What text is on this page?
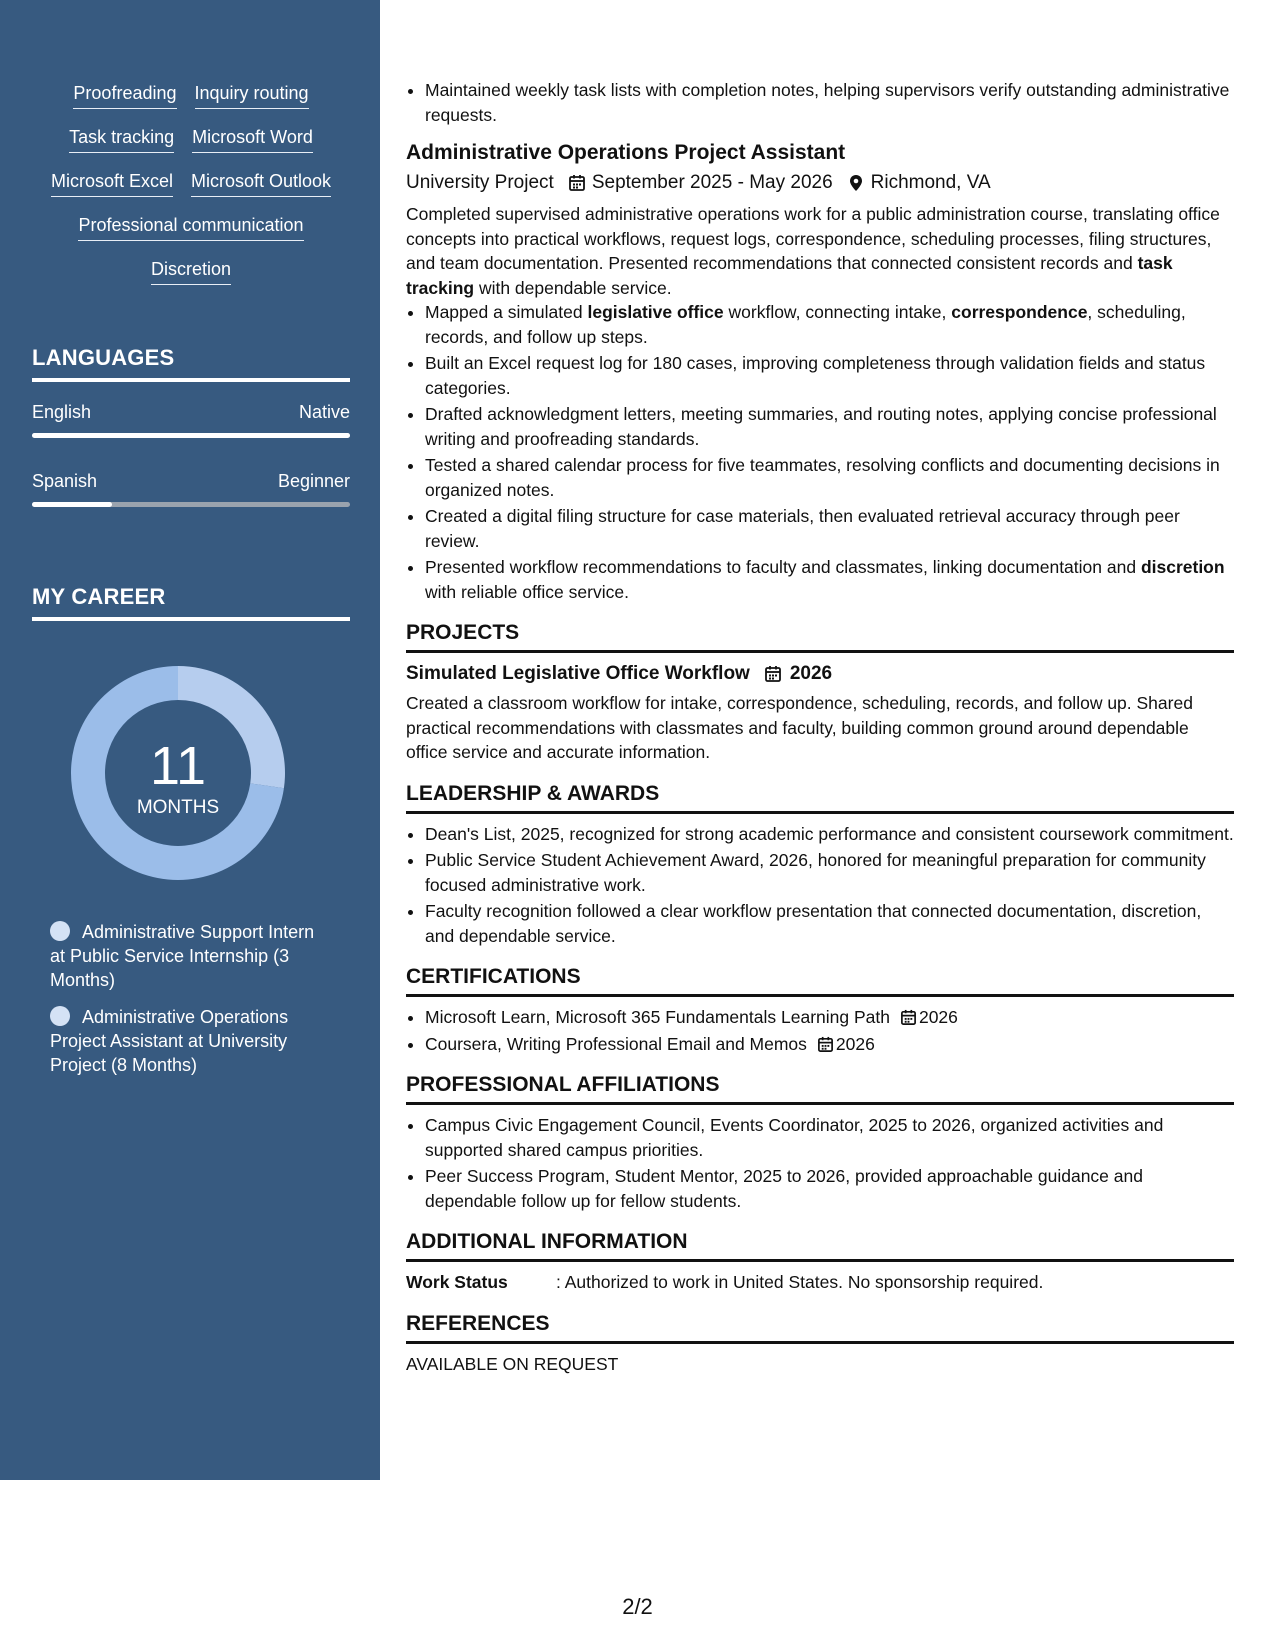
Proofreading Inquiry routing
Task tracking Microsoft Word
Microsoft Excel Microsoft Outlook
Professional communication
Discretion
LANGUAGES
English	Native
Spanish	Beginner
MY CAREER
11
MONTHS
Administrative Support Intern at Public Service Internship (3 Months)
Administrative Operations Project Assistant at University Project (8 Months)
• Maintained weekly task lists with completion notes, helping supervisors verify outstanding administrative requests.
Administrative Operations Project Assistant
University Project September 2025 - May 2026 Richmond, VA
Completed supervised administrative operations work for a public administration course, translating office concepts into practical workflows, request logs, correspondence, scheduling processes, filing structures, and team documentation. Presented recommendations that connected consistent records and task tracking with dependable service.
• Mapped a simulated legislative office workflow, connecting intake, correspondence, scheduling, records, and follow up steps.
• Built an Excel request log for 180 cases, improving completeness through validation fields and status categories.
• Drafted acknowledgment letters, meeting summaries, and routing notes, applying concise professional writing and proofreading standards.
• Tested a shared calendar process for five teammates, resolving conflicts and documenting decisions in organized notes.
• Created a digital filing structure for case materials, then evaluated retrieval accuracy through peer review.
• Presented workflow recommendations to faculty and classmates, linking documentation and discretion with reliable office service.
PROJECTS
Simulated Legislative Office Workflow 2026
Created a classroom workflow for intake, correspondence, scheduling, records, and follow up. Shared practical recommendations with classmates and faculty, building common ground around dependable office service and accurate information.
LEADERSHIP & AWARDS
• Dean's List, 2025, recognized for strong academic performance and consistent coursework commitment.
• Public Service Student Achievement Award, 2026, honored for meaningful preparation for community focused administrative work.
• Faculty recognition followed a clear workflow presentation that connected documentation, discretion, and dependable service.
CERTIFICATIONS
• Microsoft Learn, Microsoft 365 Fundamentals Learning Path 2026
• Coursera, Writing Professional Email and Memos 2026
PROFESSIONAL AFFILIATIONS
• Campus Civic Engagement Council, Events Coordinator, 2025 to 2026, organized activities and supported shared campus priorities.
• Peer Success Program, Student Mentor, 2025 to 2026, provided approachable guidance and dependable follow up for fellow students.
ADDITIONAL INFORMATION
Work Status	: Authorized to work in United States. No sponsorship required.
REFERENCES
AVAILABLE ON REQUEST
2/2
